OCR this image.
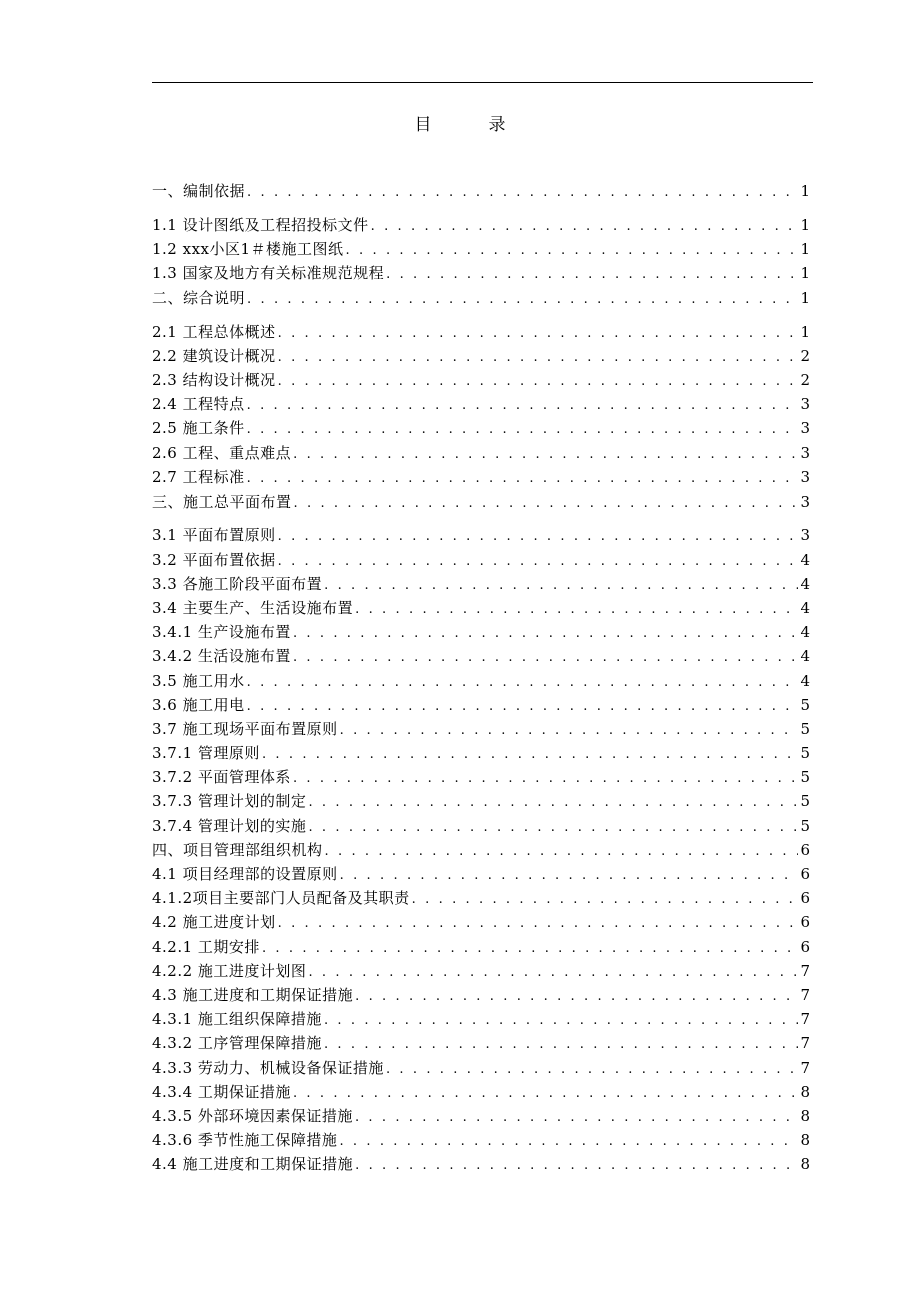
目　录
一、编制依据 . . .	1
1.1 设计图纸及工程招投标文件 . . .	1
1.2 xxx小区1＃楼施工图纸 . . .	1
1.3 国家及地方有关标准规范规程 . . .	1
二、综合说明 . . .	1
2.1 工程总体概述 . . .	1
2.2 建筑设计概况 . . .	2
2.3 结构设计概况 . . .	2
2.4 工程特点 . . .	3
2.5 施工条件 . . .	3
2.6 工程、重点难点 . . .	3
2.7 工程标准 . . .	3
三、施工总平面布置 . . .	3
3.1 平面布置原则 . . .	3
3.2 平面布置依据 . . .	4
3.3 各施工阶段平面布置 . . .	4
3.4 主要生产、生活设施布置 . . .	4
3.4.1 生产设施布置 . . .	4
3.4.2 生活设施布置 . . .	4
3.5 施工用水 . . .	4
3.6 施工用电 . . .	5
3.7 施工现场平面布置原则 . . .	5
3.7.1 管理原则 . . .	5
3.7.2 平面管理体系 . . .	5
3.7.3 管理计划的制定 . . .	5
3.7.4 管理计划的实施 . . .	5
四、项目管理部组织机构 . . .	6
4.1 项目经理部的设置原则 . . .	6
4.1.2项目主要部门人员配备及其职责 . . .	6
4.2 施工进度计划 . . .	6
4.2.1 工期安排 . . .	6
4.2.2 施工进度计划图 . . .	7
4.3 施工进度和工期保证措施 . . .	7
4.3.1 施工组织保障措施 . . .	7
4.3.2 工序管理保障措施 . . .	7
4.3.3 劳动力、机械设备保证措施 . . .	7
4.3.4 工期保证措施 . . .	8
4.3.5 外部环境因素保证措施 . . .	8
4.3.6 季节性施工保障措施 . . .	8
4.4 施工进度和工期保证措施 . . .	8
